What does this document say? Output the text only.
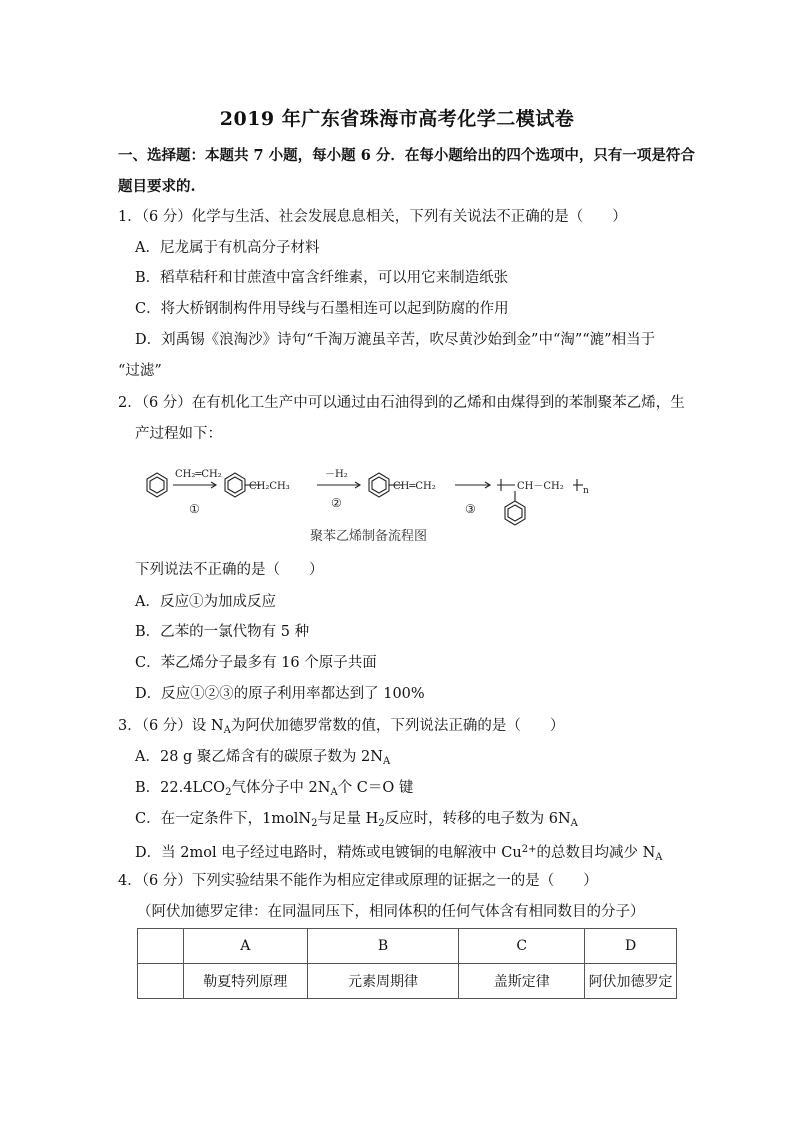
2019 年广东省珠海市高考化学二模试卷
一、选择题：本题共 7 小题，每小题 6 分．在每小题给出的四个选项中，只有一项是符合
题目要求的.
1．（6 分）化学与生活、社会发展息息相关，下列有关说法不正确的是（　　）
A．尼龙属于有机高分子材料
B．稻草秸秆和甘蔗渣中富含纤维素，可以用它来制造纸张
C．将大桥钢制构件用导线与石墨相连可以起到防腐的作用
D．刘禹锡《浪淘沙》诗句“千淘万漉虽辛苦，吹尽黄沙始到金”中“淘”“漉”相当于
“过滤”
2．（6 分）在有机化工生产中可以通过由石油得到的乙烯和由煤得到的苯制聚苯乙烯，生
产过程如下：
CH₂═CH₂
CH₂CH₃
－H₂
CH═CH₂	CH－CH₂ n
①	②	③
聚苯乙烯制备流程图
下列说法不正确的是（　　）
A．反应①为加成反应
B．乙苯的一氯代物有 5 种
C．苯乙烯分子最多有 16 个原子共面
D．反应①②③的原子利用率都达到了 100%
3．（6 分）设 $N_A$为阿伏加德罗常数的值，下列说法正确的是（　　）
A．28 g 聚乙烯含有的碳原子数为 $2N_A$
B．$22.4LCO_2$气体分子中 $2N_A$个 C＝O 键
C．在一定条件下，1molN$_2$与足量 $H_2$反应时，转移的电子数为 $6N_A$
D．当 2mol 电子经过电路时，精炼或电镀铜的电解液中 $Cu^{2+}$的总数目均减少 $N_A$
4．（6 分）下列实验结果不能作为相应定律或原理的证据之一的是（　　）
（阿伏加德罗定律：在同温同压下，相同体积的任何气体含有相同数目的分子）
	A	B	C	D
	勒夏特列原理	元素周期律	盖斯定律	阿伏加德罗定
